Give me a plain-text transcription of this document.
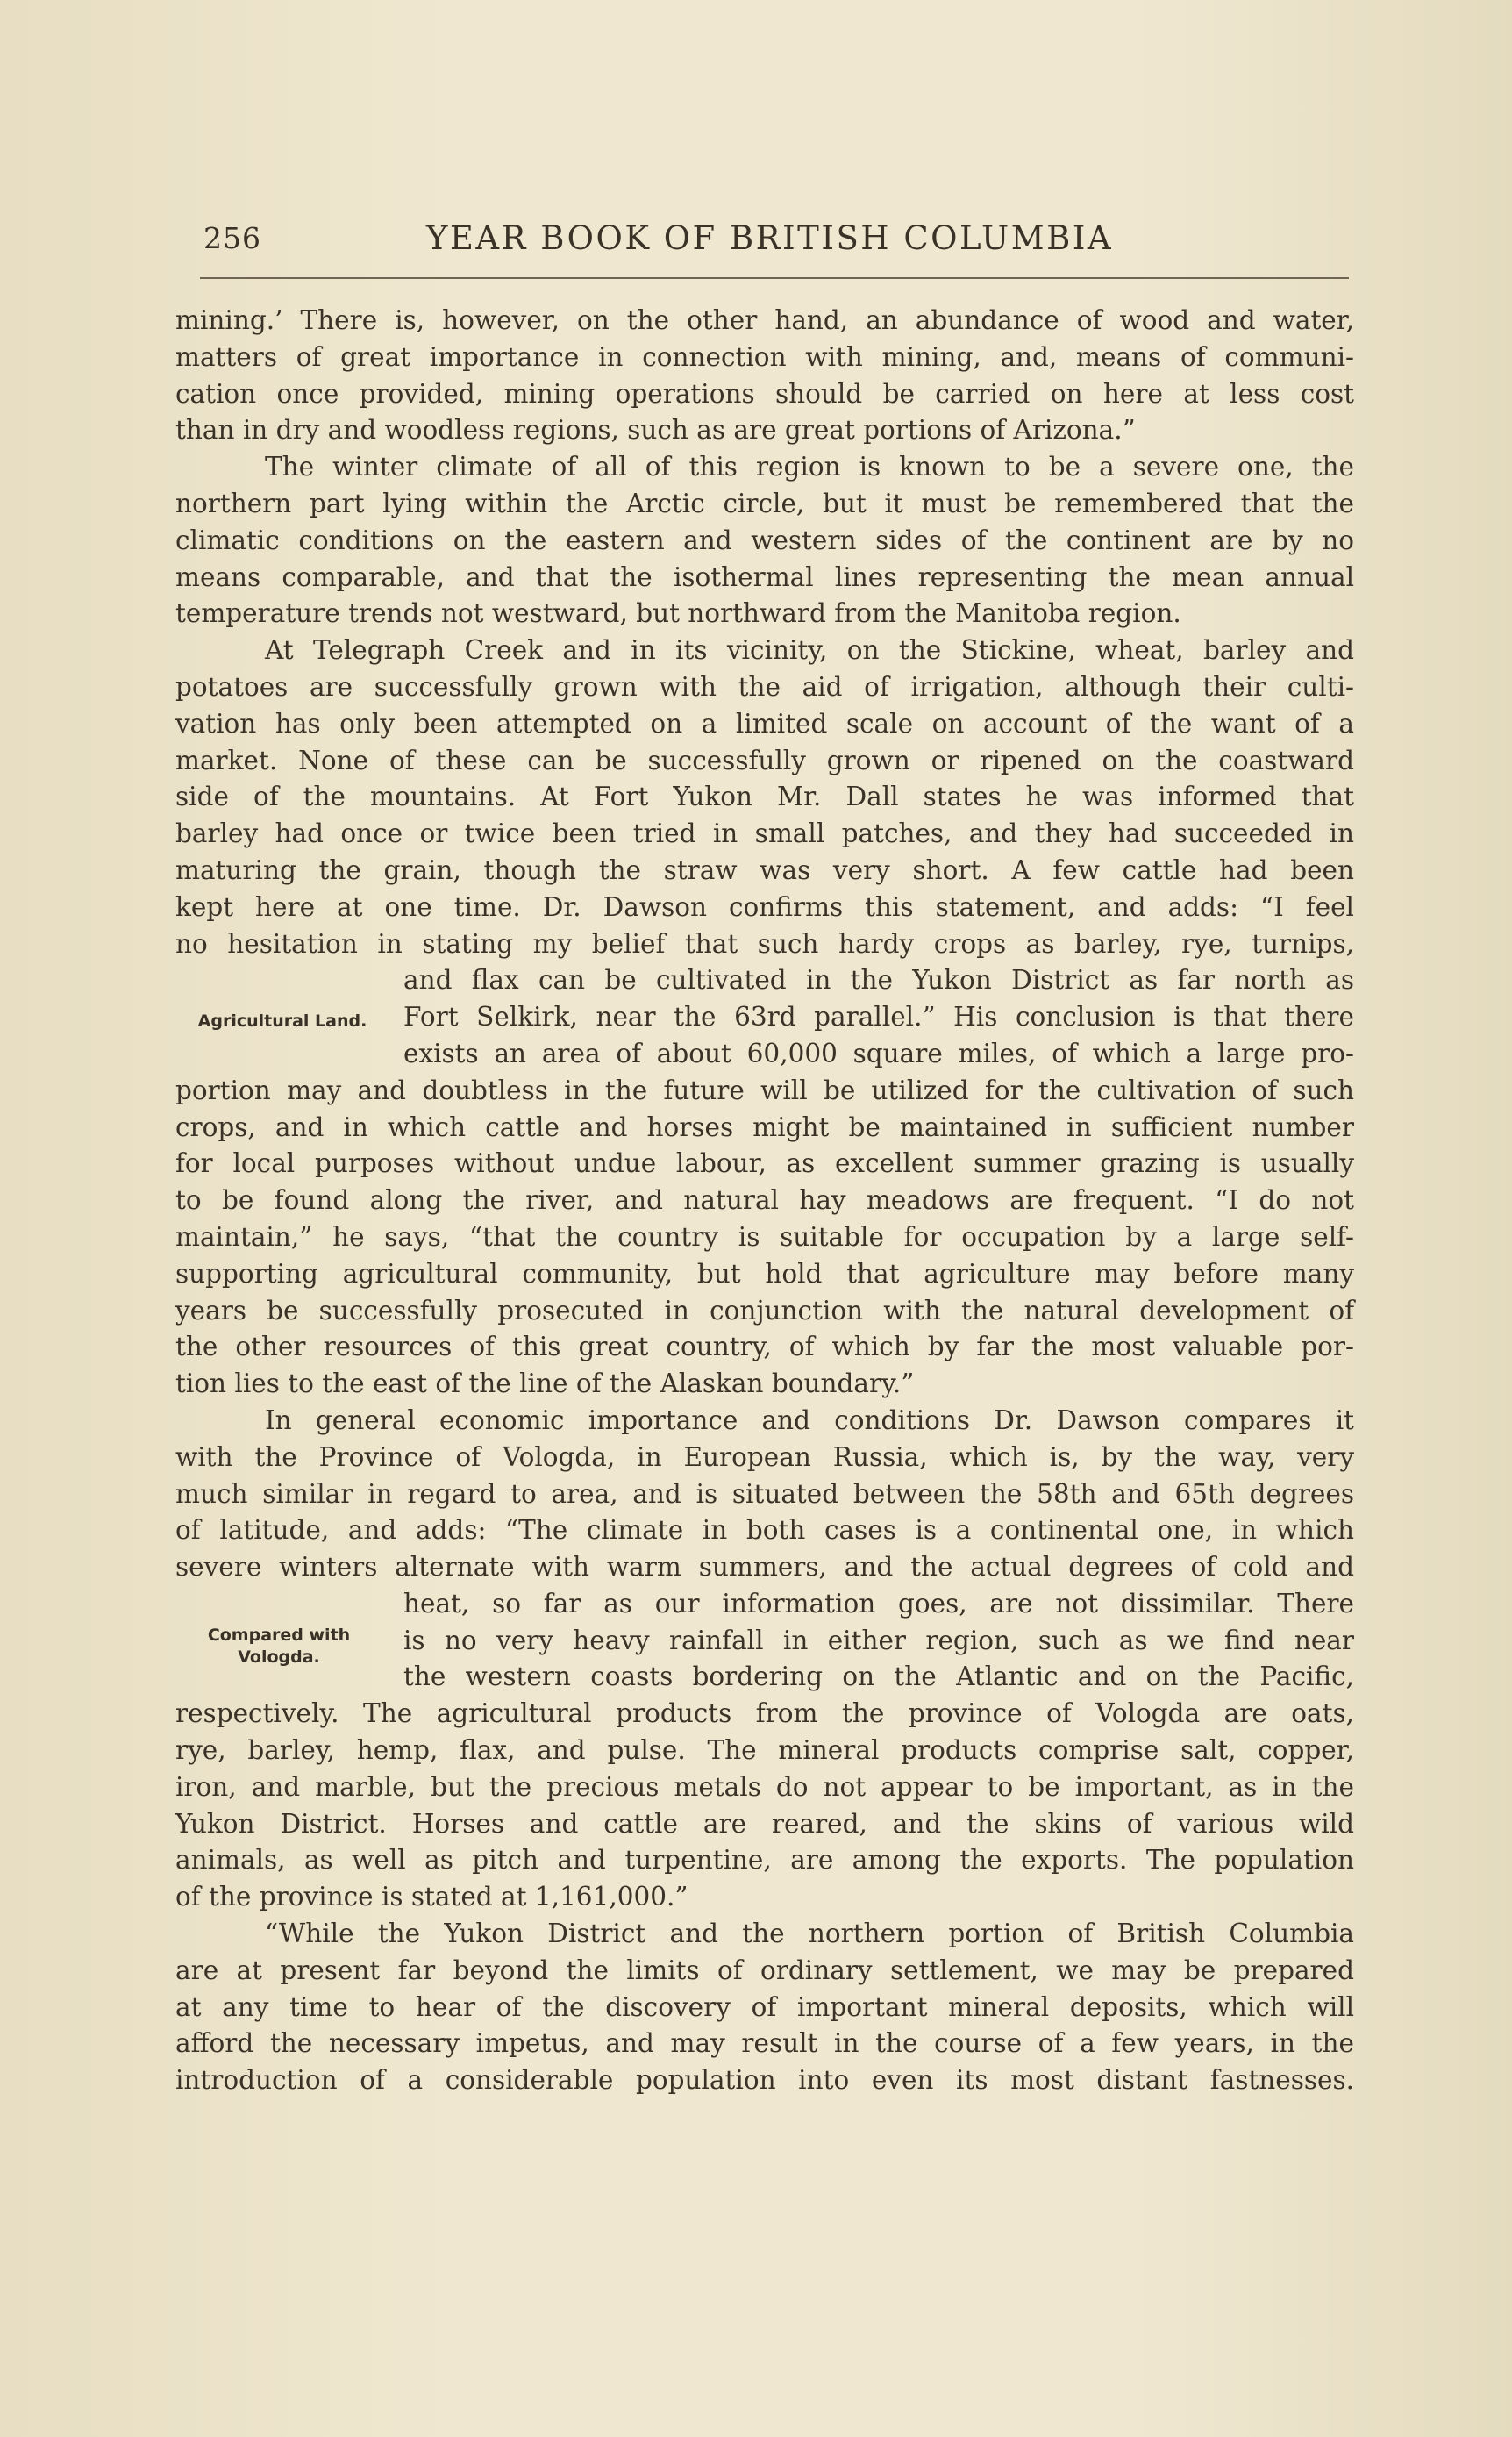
256	YEAR BOOK OF BRITISH COLUMBIA
Agricultural Land.
Compared with Vologda.
mining.’ There is, however, on the other hand, an abundance of wood and water,
matters of great importance in connection with mining, and, means of communi-
cation once provided, mining operations should be carried on here at less cost
than in dry and woodless regions, such as are great portions of Arizona.”
The winter climate of all of this region is known to be a severe one, the
northern part lying within the Arctic circle, but it must be remembered that the
climatic conditions on the eastern and western sides of the continent are by no
means comparable, and that the isothermal lines representing the mean annual
temperature trends not westward, but northward from the Manitoba region.
At Telegraph Creek and in its vicinity, on the Stickine, wheat, barley and
potatoes are successfully grown with the aid of irrigation, although their culti-
vation has only been attempted on a limited scale on account of the want of a
market. None of these can be successfully grown or ripened on the coastward
side of the mountains. At Fort Yukon Mr. Dall states he was informed that
barley had once or twice been tried in small patches, and they had succeeded in
maturing the grain, though the straw was very short. A few cattle had been
kept here at one time. Dr. Dawson confirms this statement, and adds: “I feel
no hesitation in stating my belief that such hardy crops as barley, rye, turnips,
and flax can be cultivated in the Yukon District as far north as
Fort Selkirk, near the 63rd parallel.” His conclusion is that there
exists an area of about 60,000 square miles, of which a large pro-
portion may and doubtless in the future will be utilized for the cultivation of such
crops, and in which cattle and horses might be maintained in sufficient number
for local purposes without undue labour, as excellent summer grazing is usually
to be found along the river, and natural hay meadows are frequent. “I do not
maintain,” he says, “that the country is suitable for occupation by a large self-
supporting agricultural community, but hold that agriculture may before many
years be successfully prosecuted in conjunction with the natural development of
the other resources of this great country, of which by far the most valuable por-
tion lies to the east of the line of the Alaskan boundary.”
In general economic importance and conditions Dr. Dawson compares it
with the Province of Vologda, in European Russia, which is, by the way, very
much similar in regard to area, and is situated between the 58th and 65th degrees
of latitude, and adds: “The climate in both cases is a continental one, in which
severe winters alternate with warm summers, and the actual degrees of cold and
heat, so far as our information goes, are not dissimilar. There
is no very heavy rainfall in either region, such as we find near
the western coasts bordering on the Atlantic and on the Pacific,
respectively. The agricultural products from the province of Vologda are oats,
rye, barley, hemp, flax, and pulse. The mineral products comprise salt, copper,
iron, and marble, but the precious metals do not appear to be important, as in the
Yukon District. Horses and cattle are reared, and the skins of various wild
animals, as well as pitch and turpentine, are among the exports. The population
of the province is stated at 1,161,000.”
“While the Yukon District and the northern portion of British Columbia
are at present far beyond the limits of ordinary settlement, we may be prepared
at any time to hear of the discovery of important mineral deposits, which will
afford the necessary impetus, and may result in the course of a few years, in the
introduction of a considerable population into even its most distant fastnesses.
